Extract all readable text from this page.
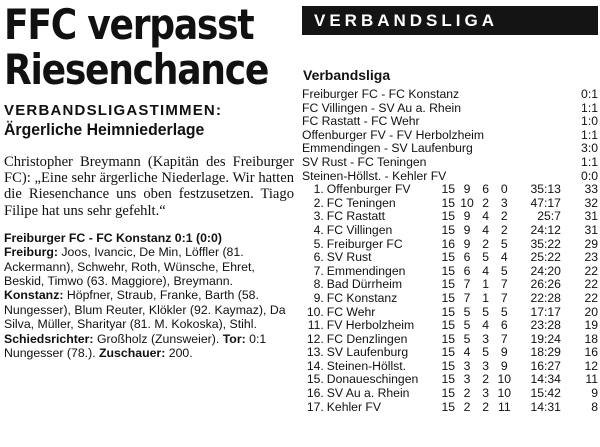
FFC verpasst
Riesenchance
VERBANDSLIGASTIMMEN:
Ärgerliche Heimniederlage
Christopher Breymann (Kapitän des Freiburger FC): „Eine sehr ärgerliche Niederlage. Wir hatten die Riesenchance uns oben festzusetzen. Tiago Filipe hat uns sehr gefehlt.“
Freiburger FC - FC Konstanz 0:1 (0:0)
Freiburg: Joos, Ivancic, De Min, Löffler (81. Ackermann), Schwehr, Roth, Wünsche, Ehret, Beskid, Timwo (63. Maggiore), Breymann. Konstanz: Höpfner, Straub, Franke, Barth (58. Nungesser), Blum Reuter, Klökler (92. Kaymaz), Da Silva, Müller, Sharityar (81. M. Kokoska), Stihl. Schiedsrichter: Großholz (Zunsweier). Tor: 0:1 Nungesser (78.). Zuschauer: 200.
VERBANDSLIGA
Verbandsliga
Freiburger FC - FC Konstanz	0:1
FC Villingen - SV Au a. Rhein	1:1
FC Rastatt - FC Wehr	1:0
Offenburger FV - FV Herbolzheim	1:1
Emmendingen - SV Laufenburg	3:0
SV Rust - FC Teningen	1:1
Steinen-Höllst. - Kehler FV	0:0
1.	Offenburger FV	15	9	6	0	35:13	33
2.	FC Teningen	15	10	2	3	47:17	32
3.	FC Rastatt	15	9	4	2	25:7	31
4.	FC Villingen	15	9	4	2	24:12	31
5.	Freiburger FC	16	9	2	5	35:22	29
6.	SV Rust	15	6	5	4	25:22	23
7.	Emmendingen	15	6	4	5	24:20	22
8.	Bad Dürrheim	15	7	1	7	26:26	22
9.	FC Konstanz	15	7	1	7	22:28	22
10.	FC Wehr	15	5	5	5	17:17	20
11.	FV Herbolzheim	15	5	4	6	23:28	19
12.	FC Denzlingen	15	5	3	7	19:24	18
13.	SV Laufenburg	15	4	5	9	18:29	16
14.	Steinen-Höllst.	15	3	3	9	16:27	12
15.	Donaueschingen	15	3	2	10	14:34	11
16.	SV Au a. Rhein	15	2	3	10	15:42	9
17.	Kehler FV	15	2	2	11	14:31	8
